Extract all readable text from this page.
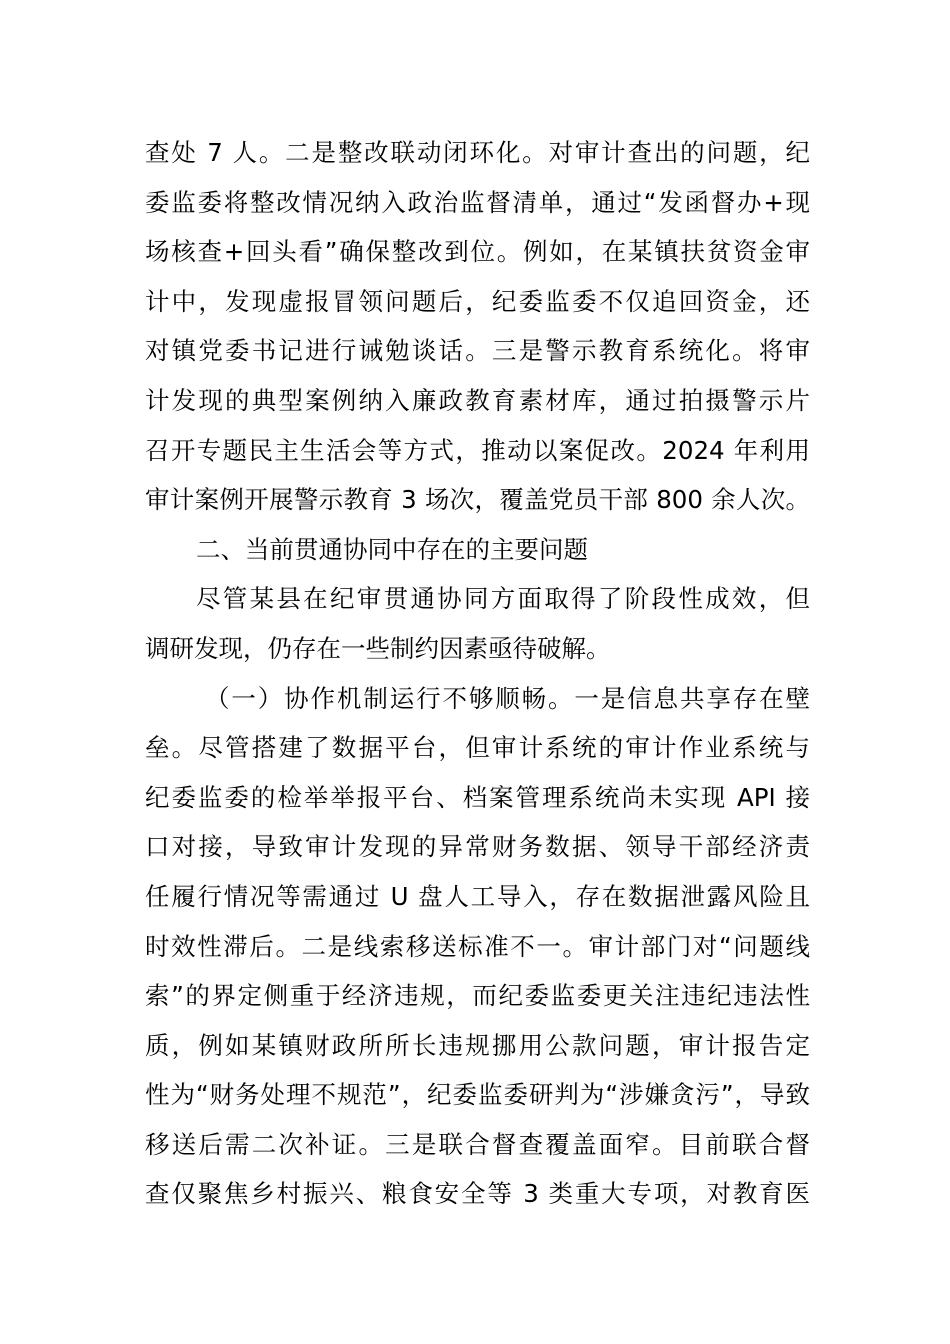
查处 7 人。二是整改联动闭环化。对审计查出的问题，纪
委监委将整改情况纳入政治监督清单，通过“发函督办+现
场核查+回头看”确保整改到位。例如，在某镇扶贫资金审
计中，发现虚报冒领问题后，纪委监委不仅追回资金，还
对镇党委书记进行诫勉谈话。三是警示教育系统化。将审
计发现的典型案例纳入廉政教育素材库，通过拍摄警示片
召开专题民主生活会等方式，推动以案促改。2024 年利用
审计案例开展警示教育 3 场次，覆盖党员干部 800 余人次。
二、当前贯通协同中存在的主要问题
尽管某县在纪审贯通协同方面取得了阶段性成效，但
调研发现，仍存在一些制约因素亟待破解。
（一）协作机制运行不够顺畅。一是信息共享存在壁
垒。尽管搭建了数据平台，但审计系统的审计作业系统与
纪委监委的检举举报平台、档案管理系统尚未实现 API 接
口对接，导致审计发现的异常财务数据、领导干部经济责
任履行情况等需通过 U 盘人工导入，存在数据泄露风险且
时效性滞后。二是线索移送标准不一。审计部门对“问题线
索”的界定侧重于经济违规，而纪委监委更关注违纪违法性
质，例如某镇财政所所长违规挪用公款问题，审计报告定
性为“财务处理不规范”，纪委监委研判为“涉嫌贪污”，导致
移送后需二次补证。三是联合督查覆盖面窄。目前联合督
查仅聚焦乡村振兴、粮食安全等 3 类重大专项，对教育医
